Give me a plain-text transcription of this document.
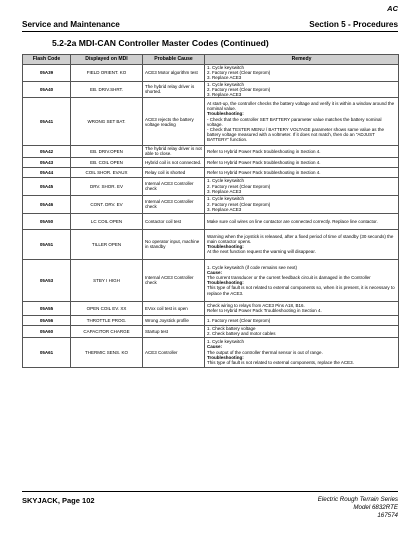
AC
Service and Maintenance	Section 5 - Procedures
5.2-2a MDI-CAN Controller Master Codes (Continued)
Flash Code	Displayed on MDI	Probable Cause	Remedy
05A39	FIELD ORIENT. KO	ACE3 Motor algorithm test	1. Cycle keyswitch
2. Factory reset (Clear Eeprom)
3. Replace ACE3

05A40	EB. DRIV.SHRT.	The hybrid relay driver is shorted.	1. Cycle keyswitch
2. Factory reset (Clear Eeprom)
3. Replace ACE3

05A41	WRONG SET BAT.	ACE3 rejects the battery voltage reading	At start-up, the controller checks the battery voltage and verify it is within a window around the nominal value.
Troubleshooting:
- Check that the controller SET BATTERY parameter value matches the battery nominal voltage.
- Check that TESTER MENU / BATTERY VOLTAGE parameter shows same value as the battery voltage measured with a voltmeter. If it does not match, then do an "ADJUST BATTERY" function.

05A42	EB. DRIV.OPEN	The hybrid relay driver is not able to close.	Refer to Hybrid Power Pack troubleshooting in Section 4.

05A43	EB. COIL OPEN	Hybrid coil is not connected.	Refer to Hybrid Power Pack troubleshooting in Section 4.

05A44	COIL SHOR. EVAUX	Relay coil is shorted	Refer to Hybrid Power Pack troubleshooting in Section 4.

05A45	DRV. SHOR. EV	Internal ACE3 Controller check	1. Cycle keyswitch
2. Factory reset (Clear Eeprom)
3. Replace ACE3

05A46	CONT. DRV. EV	Internal ACE3 Controller check	1. Cycle keyswitch
2. Factory reset (Clear Eeprom)
3. Replace ACE3

05A50	LC COIL OPEN	Contactor coil test	Make sure coil wires on line contactor are connected correctly. Replace line contactor.

05A51	TILLER OPEN	No operator input, machine in standby	Warning when the joystick is released, after a fixed period of time of standby (30 seconds) the main contactor opens.
Troubleshooting:
At the next function request the warning will disappear.

05A53	STBY I HIGH	Internal ACE3 Controller check	1. Cycle keyswitch (if code remains see next)
Cause:
The current transducer or the current feedback circuit is damaged in the Controller
Troubleshooting:
This type of fault is not related to external components so, when it is present, it is necessary to replace the ACE3.

05A55	OPEN COIL EV. XX	EVxx coil test is open	Check wiring to relays from ACE3 Pins A18, B16.
Refer to Hybrid Power Pack Troubleshooting in Section 4.

05A56	THROTTLE PROG.	Wrong Joystick profile	1. Factory reset (Clear Eeprom)

05A60	CAPACITOR CHARGE	Startup test	1. Check battery voltage
2. Check battery and motor cables

05A61	THERMIC SENS. KO	ACE3 Controller	1. Cycle keyswitch
Cause:
The output of the controller thermal sensor is out of range.
Troubleshooting:
This type of fault is not related to external components, replace the ACE3.
SKYJACK, Page 102	Electric Rough Terrain Series
Model 6832RTE
167574
